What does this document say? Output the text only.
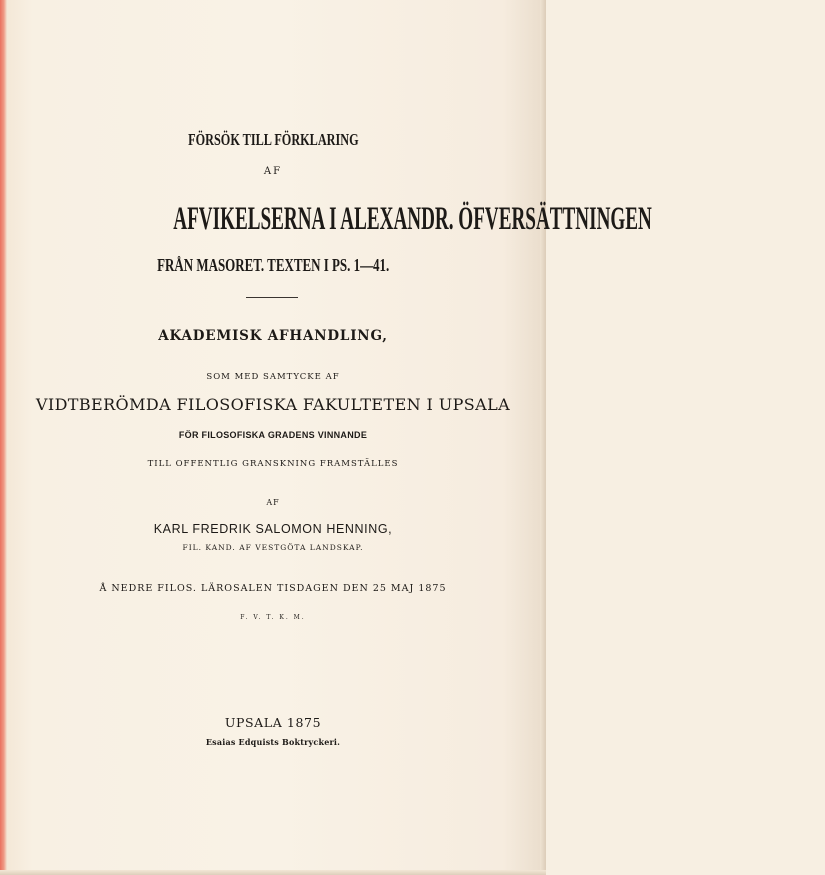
FÖRSÖK TILL FÖRKLARING
AF
AFVIKELSERNA I ALEXANDR. ÖFVERSÄTTNINGEN
FRÅN MASORET. TEXTEN I PS. 1—41.
AKADEMISK AFHANDLING,
SOM MED SAMTYCKE AF
VIDTBERÖMDA FILOSOFISKA FAKULTETEN I UPSALA
FÖR FILOSOFISKA GRADENS VINNANDE
TILL OFFENTLIG GRANSKNING FRAMSTÄLLES
AF
KARL FREDRIK SALOMON HENNING,
FIL. KAND. AF VESTGÖTA LANDSKAP.
Å NEDRE FILOS. LÄROSALEN TISDAGEN DEN 25 MAJ 1875
F. V. T. K. M.
UPSALA 1875
Esaias Edquists Boktryckeri.
